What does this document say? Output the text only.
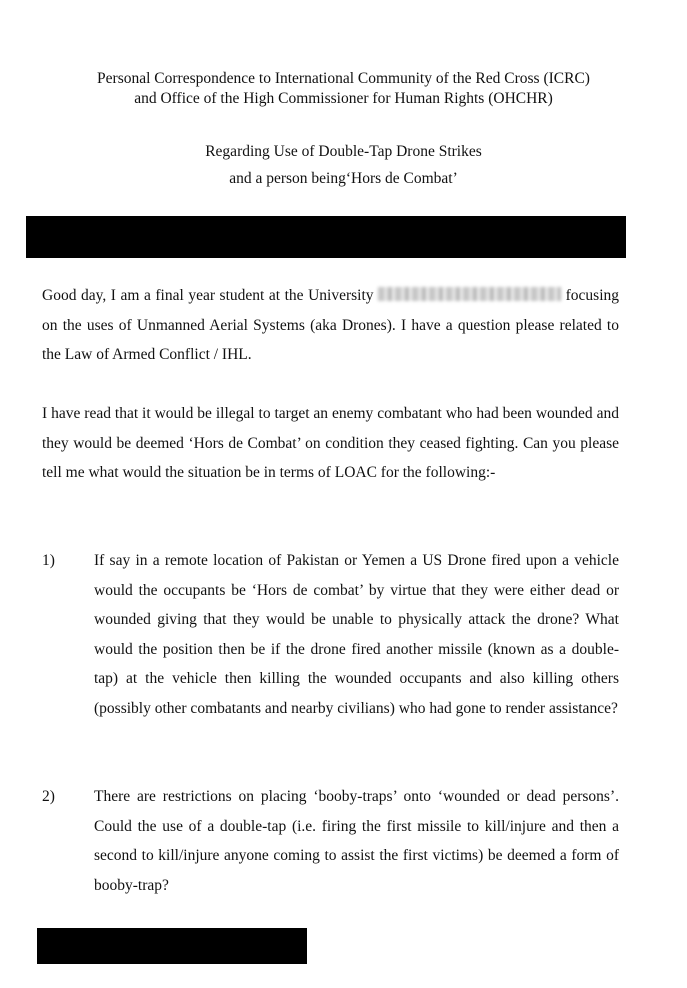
Personal Correspondence to International Community of the Red Cross (ICRC)

and Office of the High Commissioner for Human Rights (OHCHR)

Regarding Use of Double-Tap Drone Strikes

and a person being‘Hors de Combat’

Good day, I am a final year student at the University	focusing on the uses of Unmanned Aerial Systems (aka Drones). I have a question please related to the Law of Armed Conflict / IHL.

I have read that it would be illegal to target an enemy combatant who had been wounded and they would be deemed ‘Hors de Combat’ on condition they ceased fighting. Can you please tell me what would the situation be in terms of LOAC for the following:-

1)	If say in a remote location of Pakistan or Yemen a US Drone fired upon a vehicle would the occupants be ‘Hors de combat’ by virtue that they were either dead or wounded giving that they would be unable to physically attack the drone? What would the position then be if the drone fired another missile (known as a double-tap) at the vehicle then killing the wounded occupants and also killing others (possibly other combatants and nearby civilians) who had gone to render assistance?
2)	There are restrictions on placing ‘booby-traps’ onto ‘wounded or dead persons’. Could the use of a double-tap (i.e. firing the first missile to kill/injure and then a second to kill/injure anyone coming to assist the first victims) be deemed a form of booby-trap?
